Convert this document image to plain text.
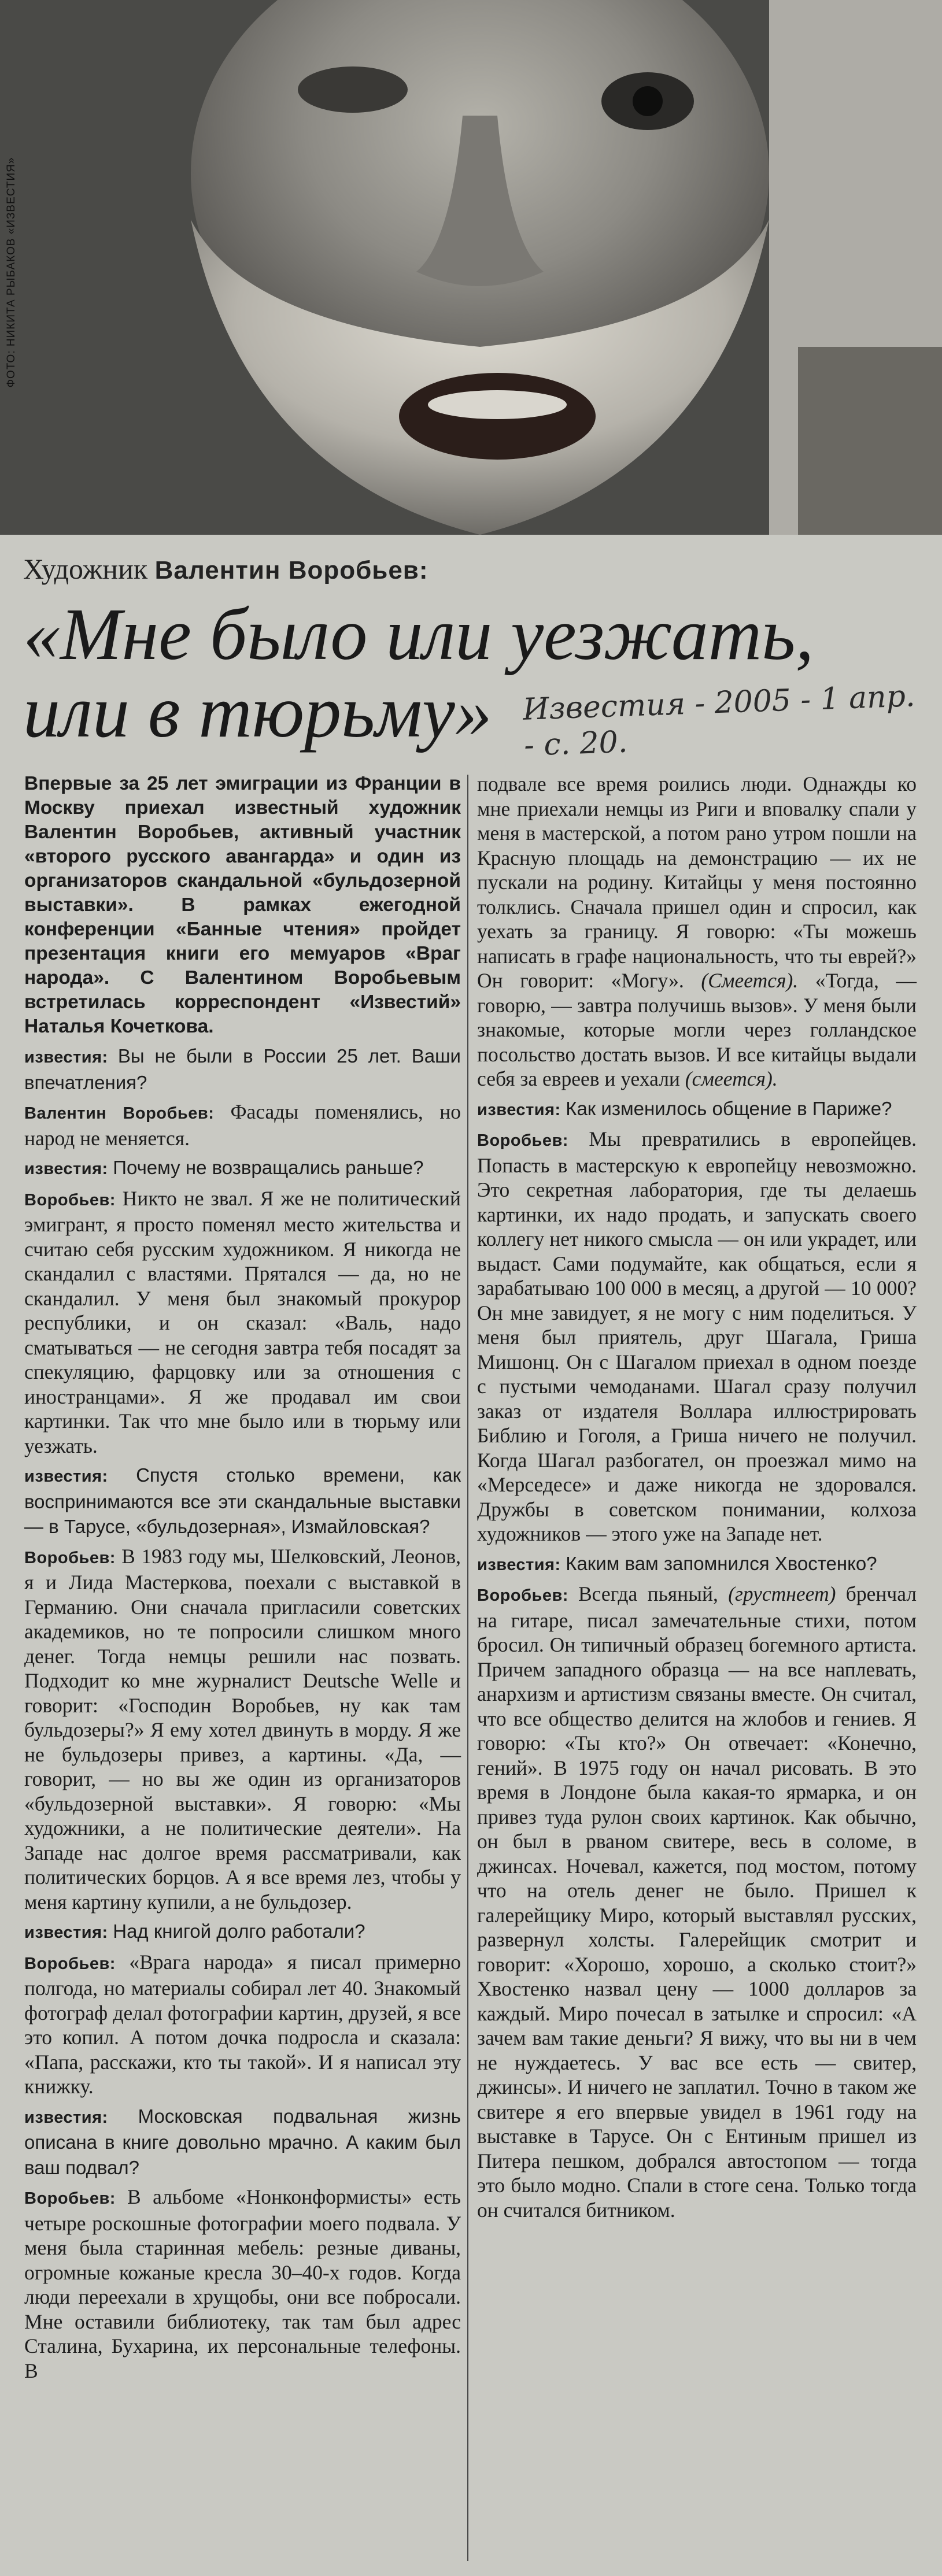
ФОТО: НИКИТА РЫБАКОВ «ИЗВЕСТИЯ»
Художник Валентин Воробьев:
«Мне было или уезжать, или в тюрьму»	Известия - 2005 - 1 апр. - с. 20.

Впервые за 25 лет эмиграции из Франции в Москву приехал известный художник Валентин Воробьев, активный участник «второго русского авангарда» и один из организаторов скандальной «бульдозерной выставки». В рамках ежегодной конференции «Банные чтения» пройдет презентация книги его мемуаров «Враг народа». С Валентином Воробьевым встретилась корреспондент «Известий» Наталья Кочеткова.

известия: Вы не были в России 25 лет. Ваши впечатления?

Валентин Воробьев: Фасады поменялись, но народ не меняется.

известия: Почему не возвращались раньше?

Воробьев: Никто не звал. Я же не политический эмигрант, я просто поменял место жительства и считаю себя русским художником. Я никогда не скандалил с властями. Прятался — да, но не скандалил. У меня был знакомый прокурор республики, и он сказал: «Валь, надо сматываться — не сегодня завтра тебя посадят за спекуляцию, фарцовку или за отношения с иностранцами». Я же продавал им свои картинки. Так что мне было или в тюрьму или уезжать.

известия: Спустя столько времени, как воспринимаются все эти скандальные выставки — в Тарусе, «бульдозерная», Измайловская?

Воробьев: В 1983 году мы, Шелковский, Леонов, я и Лида Мастеркова, поехали с выставкой в Германию. Они сначала пригласили советских академиков, но те попросили слишком много денег. Тогда немцы решили нас позвать. Подходит ко мне журналист Deutsche Welle и говорит: «Господин Воробьев, ну как там бульдозеры?» Я ему хотел двинуть в морду. Я же не бульдозеры привез, а картины. «Да, — говорит, — но вы же один из организаторов «бульдозерной выставки». Я говорю: «Мы художники, а не политические деятели». На Западе нас долгое время рассматривали, как политических борцов. А я все время лез, чтобы у меня картину купили, а не бульдозер.

известия: Над книгой долго работали?

Воробьев: «Врага народа» я писал примерно полгода, но материалы собирал лет 40. Знакомый фотограф делал фотографии картин, друзей, я все это копил. А потом дочка подросла и сказала: «Папа, расскажи, кто ты такой». И я написал эту книжку.

известия: Московская подвальная жизнь описана в книге довольно мрачно. А каким был ваш подвал?

Воробьев: В альбоме «Нонконформисты» есть четыре роскошные фотографии моего подвала. У меня была старинная мебель: резные диваны, огромные кожаные кресла 30–40-х годов. Когда люди переехали в хрущобы, они все побросали. Мне оставили библиотеку, так там был адрес Сталина, Бухарина, их персональные телефоны. В

подвале все время роились люди. Однажды ко мне приехали немцы из Риги и вповалку спали у меня в мастерской, а потом рано утром пошли на Красную площадь на демонстрацию — их не пускали на родину. Китайцы у меня постоянно толклись. Сначала пришел один и спросил, как уехать за границу. Я говорю: «Ты можешь написать в графе национальность, что ты еврей?» Он говорит: «Могу». (Смеется). «Тогда, — говорю, — завтра получишь вызов». У меня были знакомые, которые могли через голландское посольство достать вызов. И все китайцы выдали себя за евреев и уехали (смеется).

известия: Как изменилось общение в Париже?

Воробьев: Мы превратились в европейцев. Попасть в мастерскую к европейцу невозможно. Это секретная лаборатория, где ты делаешь картинки, их надо продать, и запускать своего коллегу нет никого смысла — он или украдет, или выдаст. Сами подумайте, как общаться, если я зарабатываю 100 000 в месяц, а другой — 10 000? Он мне завидует, я не могу с ним поделиться. У меня был приятель, друг Шагала, Гриша Мишонц. Он с Шагалом приехал в одном поезде с пустыми чемоданами. Шагал сразу получил заказ от издателя Воллара иллюстрировать Библию и Гоголя, а Гриша ничего не получил. Когда Шагал разбогател, он проезжал мимо на «Мерседесе» и даже никогда не здоровался. Дружбы в советском понимании, колхоза художников — этого уже на Западе нет.

известия: Каким вам запомнился Хвостенко?

Воробьев: Всегда пьяный, (грустнеет) бренчал на гитаре, писал замечательные стихи, потом бросил. Он типичный образец богемного артиста. Причем западного образца — на все наплевать, анархизм и артистизм связаны вместе. Он считал, что все общество делится на жлобов и гениев. Я говорю: «Ты кто?» Он отвечает: «Конечно, гений». В 1975 году он начал рисовать. В это время в Лондоне была какая-то ярмарка, и он привез туда рулон своих картинок. Как обычно, он был в рваном свитере, весь в соломе, в джинсах. Ночевал, кажется, под мостом, потому что на отель денег не было. Пришел к галерейщику Миро, который выставлял русских, развернул холсты. Галерейщик смотрит и говорит: «Хорошо, хорошо, а сколько стоит?» Хвостенко назвал цену — 1000 долларов за каждый. Миро почесал в затылке и спросил: «А зачем вам такие деньги? Я вижу, что вы ни в чем не нуждаетесь. У вас все есть — свитер, джинсы». И ничего не заплатил. Точно в таком же свитере я его впервые увидел в 1961 году на выставке в Тарусе. Он с Ентиным пришел из Питера пешком, добрался автостопом — тогда это было модно. Спали в стоге сена. Только тогда он считался битником.
